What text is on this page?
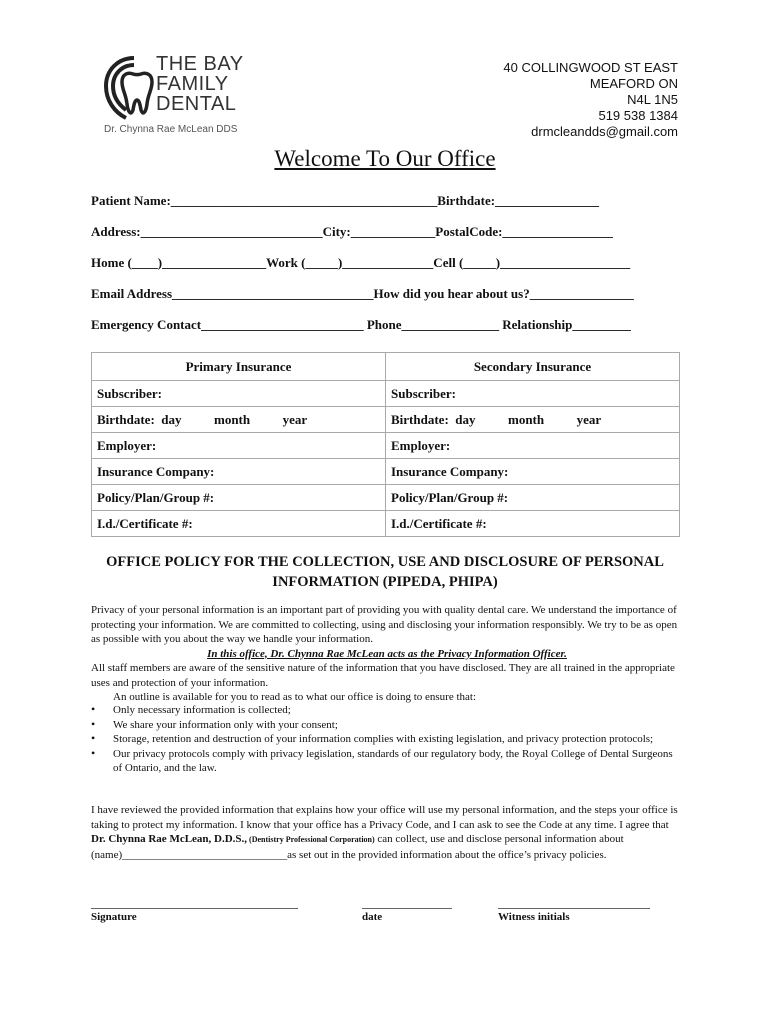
THE BAY
FAMILY
DENTAL
Dr. Chynna Rae McLean DDS
40 COLLINGWOOD ST EAST
MEAFORD ON
N4L 1N5
519 538 1384
drmcleandds@gmail.com
Welcome To Our Office
Patient Name:_________________________________________Birthdate:________________
Address:____________________________City:_____________PostalCode:_________________
Home (____)________________Work (_____)______________Cell (_____)____________________
Email Address_______________________________How did you hear about us?________________
Emergency Contact_________________________ Phone_______________ Relationship_________
Primary Insurance	Secondary Insurance
Subscriber:	Subscriber:
Birthdate:  day          month          year	Birthdate:  day          month          year
Employer:	Employer:
Insurance Company:	Insurance Company:
Policy/Plan/Group #:	Policy/Plan/Group #:
I.d./Certificate #:	I.d./Certificate #:
OFFICE POLICY FOR THE COLLECTION, USE AND DISCLOSURE OF PERSONAL INFORMATION (PIPEDA, PHIPA)
Privacy of your personal information is an important part of providing you with quality dental care. We understand the importance of protecting your information. We are committed to collecting, using and disclosing your information responsibly. We try to be as open as possible with you about the way we handle your information.
In this office, Dr. Chynna Rae McLean acts as the Privacy Information Officer.
All staff members are aware of the sensitive nature of the information that you have disclosed. They are all trained in the appropriate uses and protection of your information.
An outline is available for you to read as to what our office is doing to ensure that:
• Only necessary information is collected;
• We share your information only with your consent;
• Storage, retention and destruction of your information complies with existing legislation, and privacy protection protocols;
• Our privacy protocols comply with privacy legislation, standards of our regulatory body, the Royal College of Dental Surgeons of Ontario, and the law.
I have reviewed the provided information that explains how your office will use my personal information, and the steps your office is taking to protect my information. I know that your office has a Privacy Code, and I can ask to see the Code at any time. I agree that Dr. Chynna Rae McLean, D.D.S., (Dentistry Professional Corporation) can collect, use and disclose personal information about (name)______________________________as set out in the provided information about the office’s privacy policies.
Signature	date	Witness initials
